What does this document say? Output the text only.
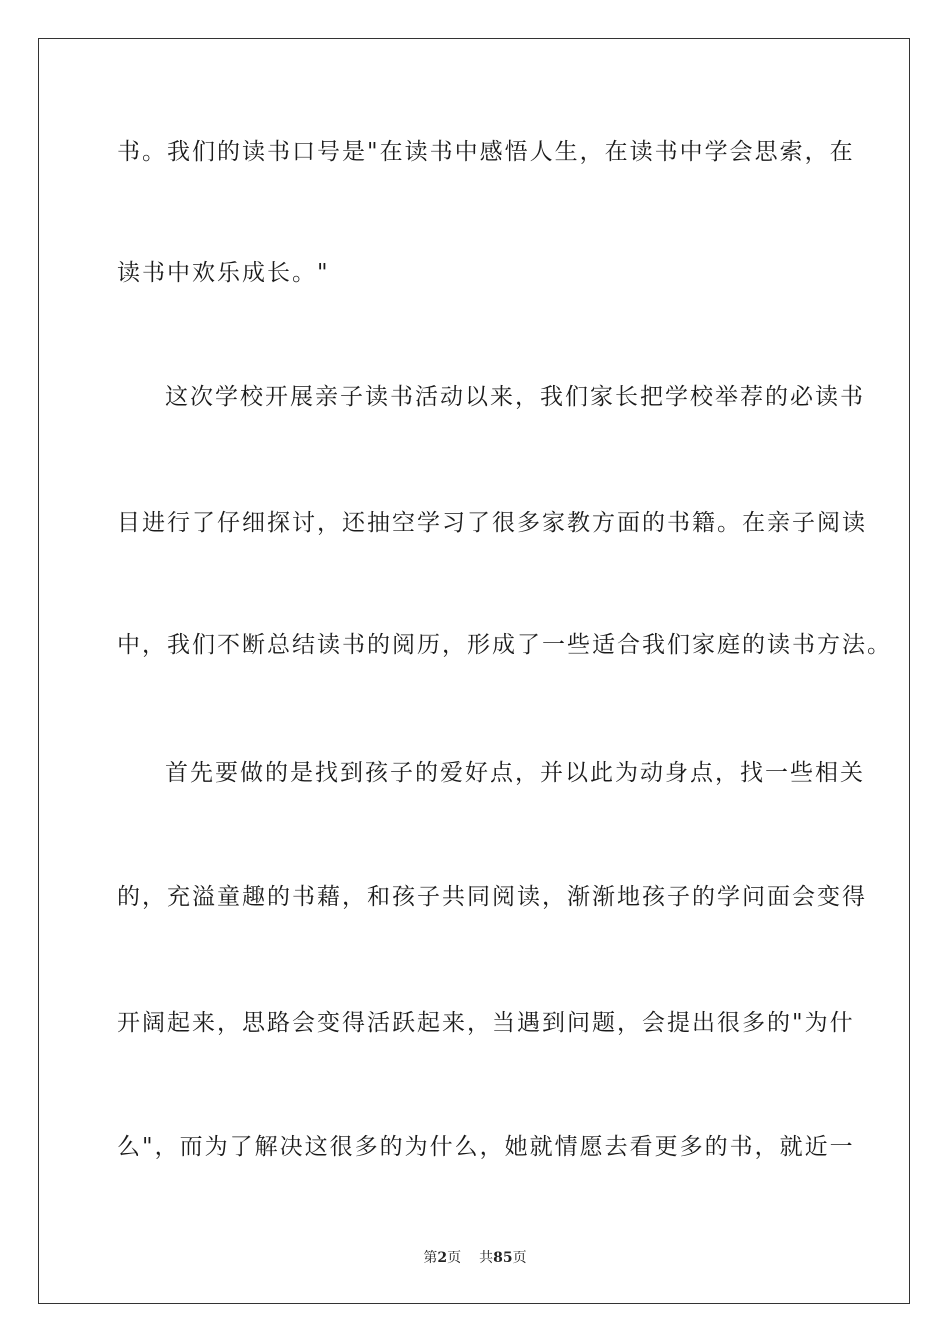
书。我们的读书口号是"在读书中感悟人生，在读书中学会思索，在
读书中欢乐成长。"
这次学校开展亲子读书活动以来，我们家长把学校举荐的必读书
目进行了仔细探讨，还抽空学习了很多家教方面的书籍。在亲子阅读
中，我们不断总结读书的阅历，形成了一些适合我们家庭的读书方法。
首先要做的是找到孩子的爱好点，并以此为动身点，找一些相关
的，充溢童趣的书藉，和孩子共同阅读，渐渐地孩子的学问面会变得
开阔起来，思路会变得活跃起来，当遇到问题，会提出很多的"为什
么"，而为了解决这很多的为什么，她就情愿去看更多的书，就近一
第2页 共85页
